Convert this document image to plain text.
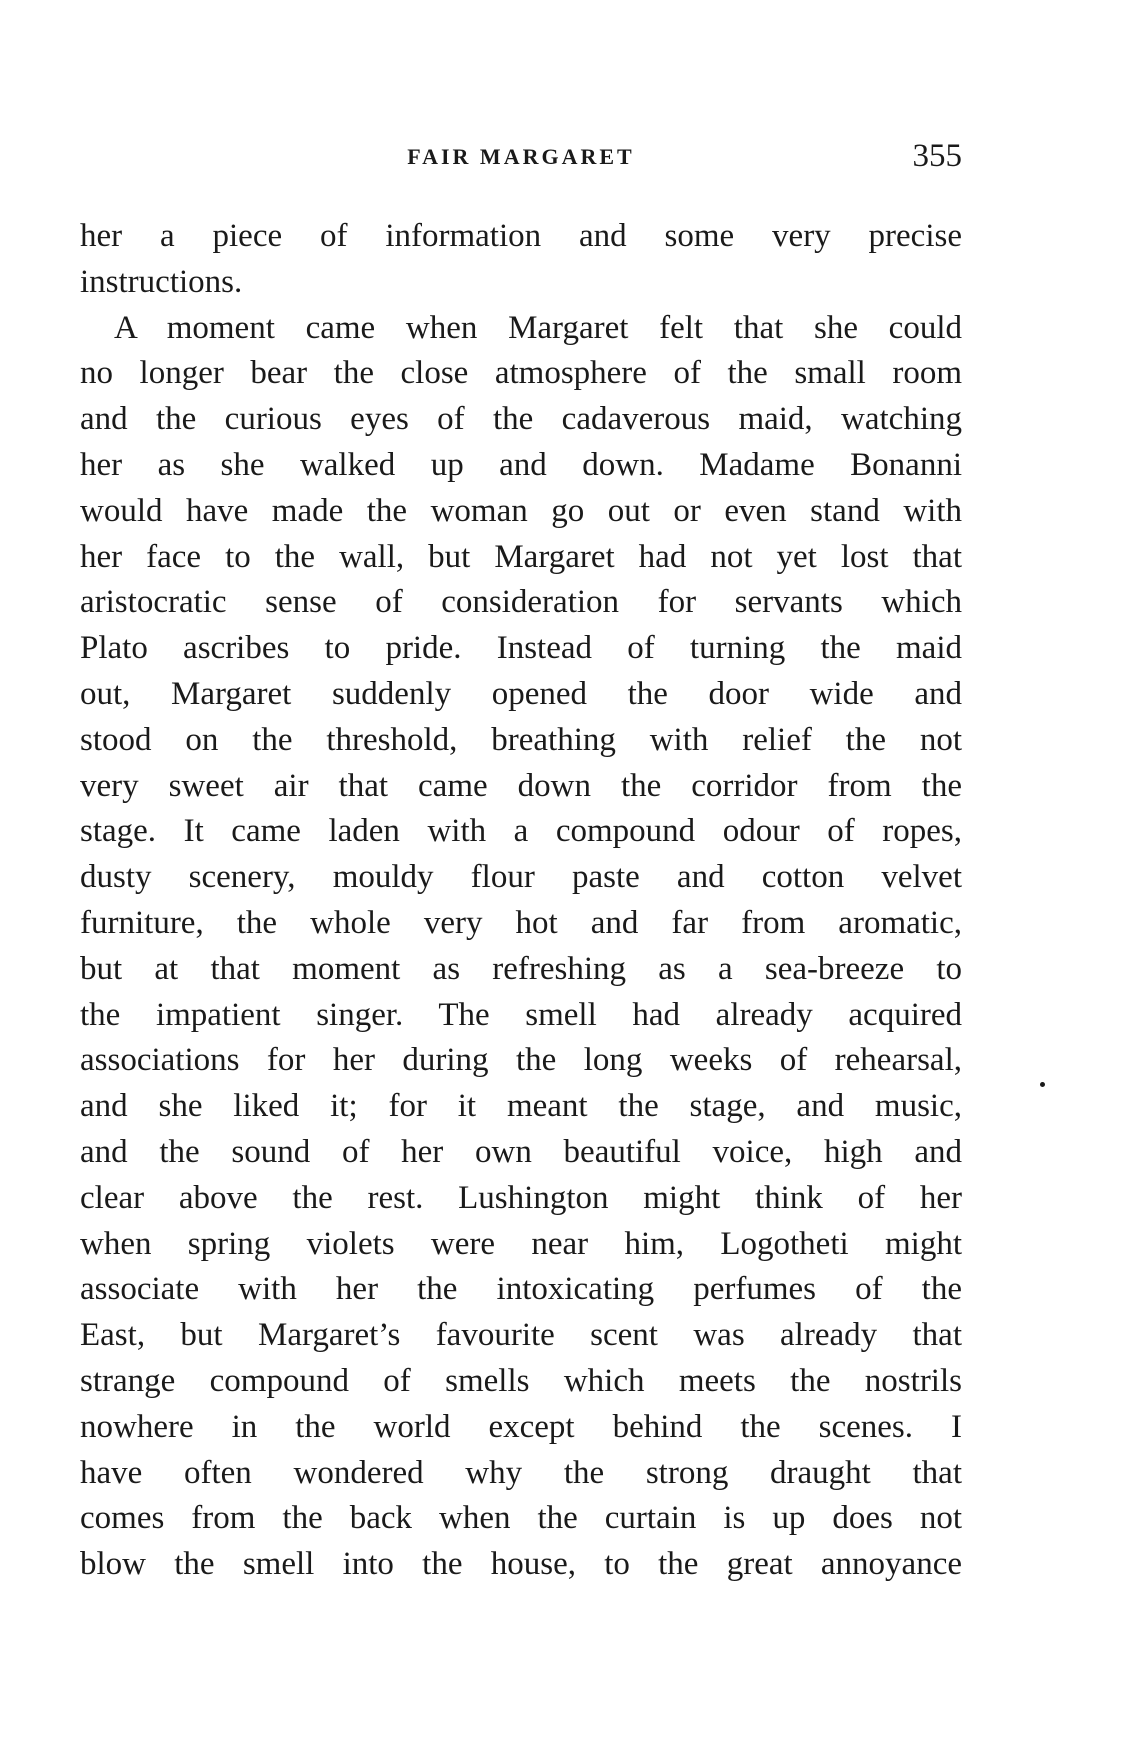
FAIR MARGARET	355
her a piece of information and some very precise
instructions.
A moment came when Margaret felt that she could
no longer bear the close atmosphere of the small room
and the curious eyes of the cadaverous maid, watching
her as she walked up and down. Madame Bonanni
would have made the woman go out or even stand with
her face to the wall, but Margaret had not yet lost that
aristocratic sense of consideration for servants which
Plato ascribes to pride. Instead of turning the maid
out, Margaret suddenly opened the door wide and
stood on the threshold, breathing with relief the not
very sweet air that came down the corridor from the
stage. It came laden with a compound odour of ropes,
dusty scenery, mouldy flour paste and cotton velvet
furniture, the whole very hot and far from aromatic,
but at that moment as refreshing as a sea-breeze to
the impatient singer. The smell had already acquired
associations for her during the long weeks of rehearsal,
and she liked it; for it meant the stage, and music,
and the sound of her own beautiful voice, high and
clear above the rest. Lushington might think of her
when spring violets were near him, Logotheti might
associate with her the intoxicating perfumes of the
East, but Margaret’s favourite scent was already that
strange compound of smells which meets the nostrils
nowhere in the world except behind the scenes. I
have often wondered why the strong draught that
comes from the back when the curtain is up does not
blow the smell into the house, to the great annoyance
